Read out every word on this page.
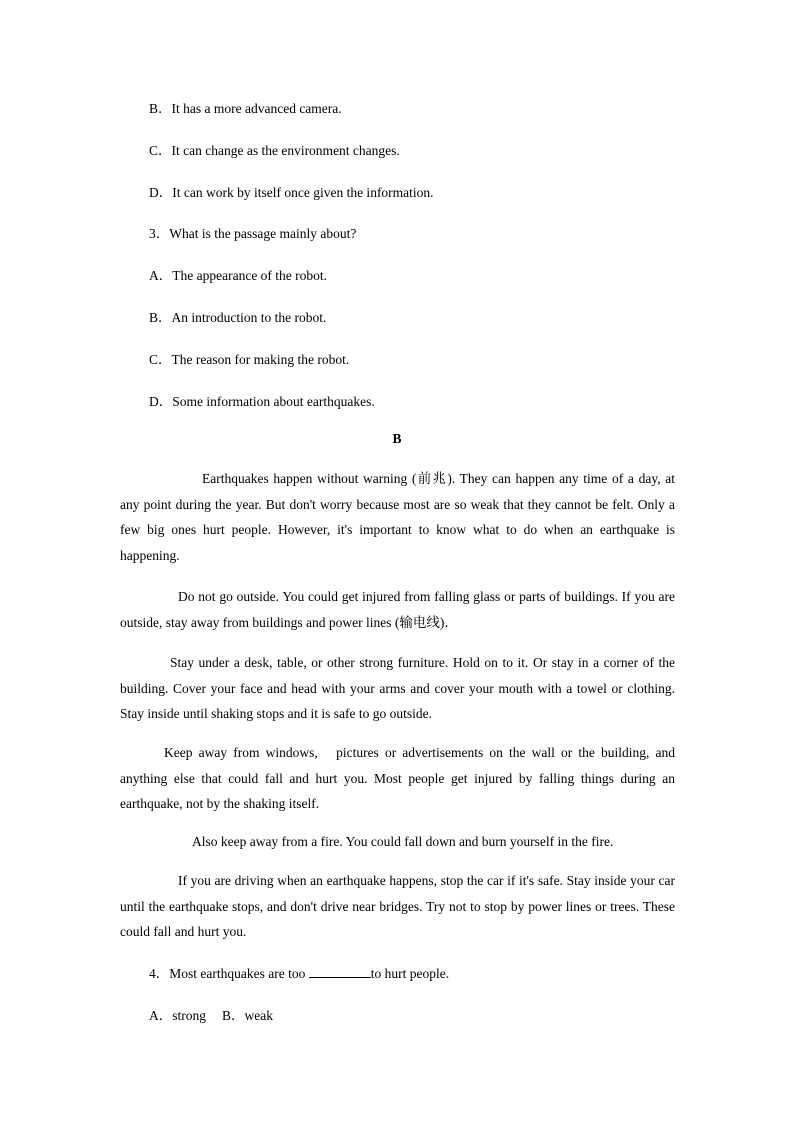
B．It has a more advanced camera.
C．It can change as the environment changes.
D．It can work by itself once given the information.
3．What is the passage mainly about?
A．The appearance of the robot.
B．An introduction to the robot.
C．The reason for making the robot.
D．Some information about earthquakes.
B

Earthquakes happen without warning (前兆). They can happen any time of a day, at any point during the year. But don't worry because most are so weak that they cannot be felt. Only a few big ones hurt people. However, it's important to know what to do when an earthquake is happening.

Do not go outside. You could get injured from falling glass or parts of buildings. If you are outside, stay away from buildings and power lines (输电线)．

Stay under a desk, table, or other strong furniture. Hold on to it. Or stay in a corner of the building. Cover your face and head with your arms and cover your mouth with a towel or clothing. Stay inside until shaking stops and it is safe to go outside.

Keep away from windows,   pictures or advertisements on the wall or the building, and anything else that could fall and hurt you. Most people get injured by falling things during an earthquake, not by the shaking itself.

Also keep away from a fire. You could fall down and burn yourself in the fire.

If you are driving when an earthquake happens, stop the car if it's safe. Stay inside your car until the earthquake stops, and don't drive near bridges. Try not to stop by power lines or trees. These could fall and hurt you.

4．Most earthquakes are too	to hurt people.
A．strong B．weak
